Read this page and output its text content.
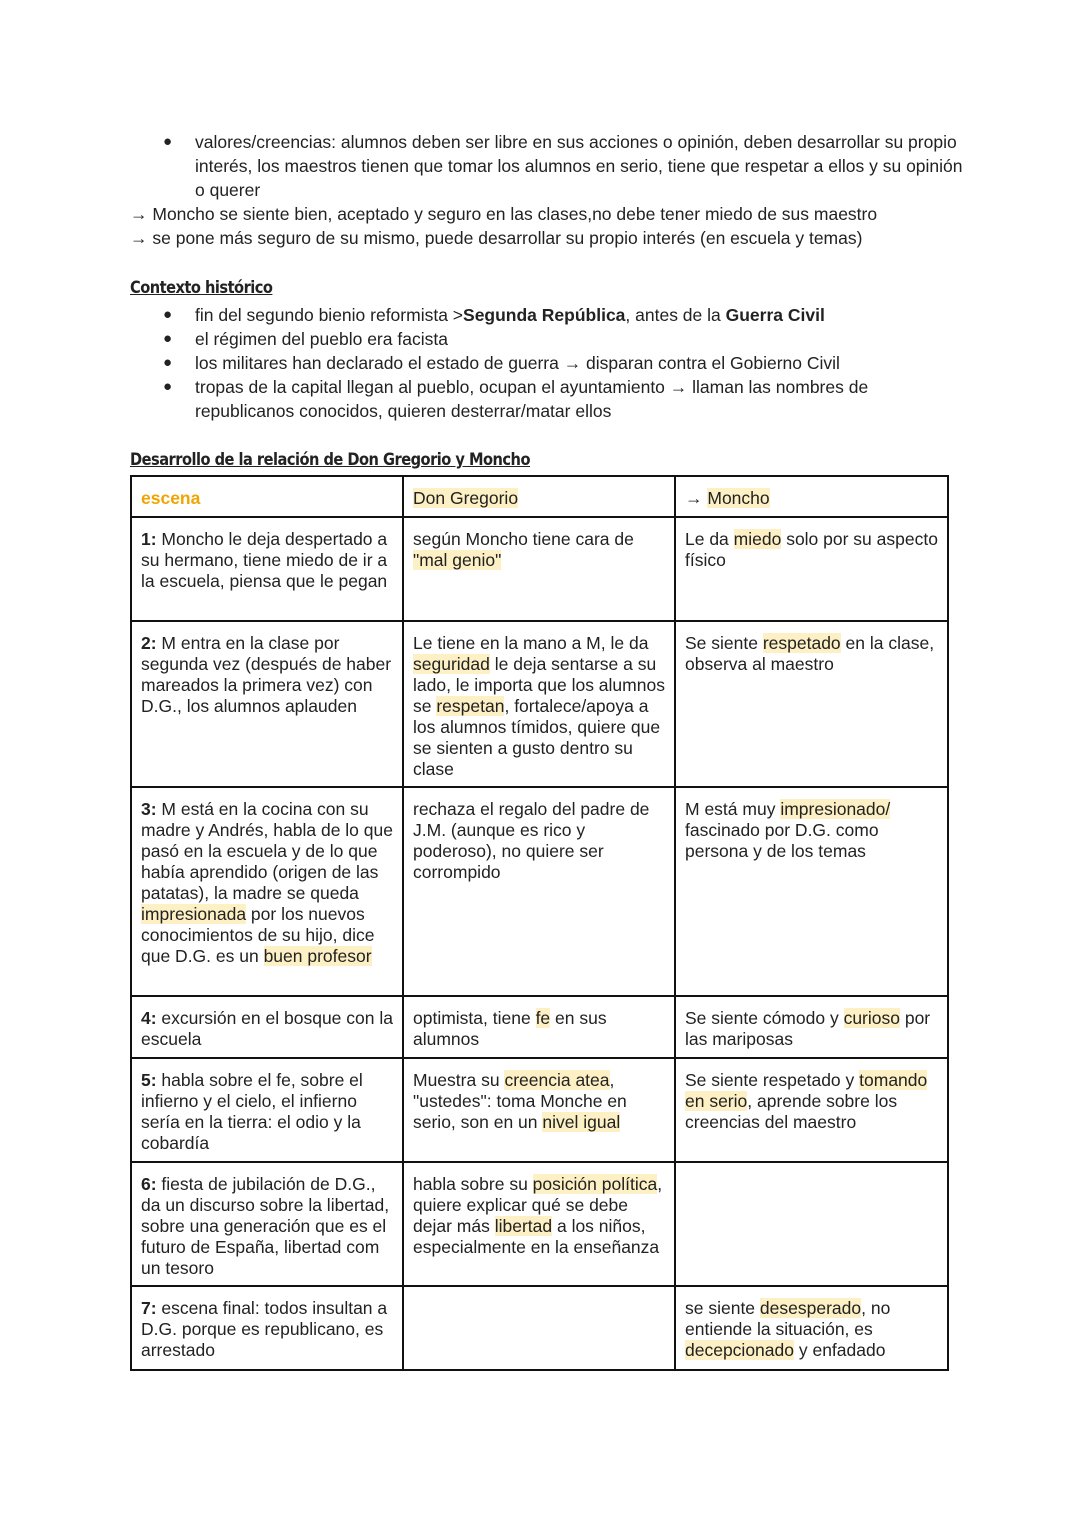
● valores/creencias: alumnos deben ser libre en sus acciones o opinión, deben desarrollar su propio interés, los maestros tienen que tomar los alumnos en serio, tiene que respetar a ellos y su opinión o querer
→ Moncho se siente bien, aceptado y seguro en las clases,no debe tener miedo de sus maestro
→ se pone más seguro de su mismo, puede desarrollar su propio interés (en escuela y temas)
Contexto histórico
● fin del segundo bienio reformista >Segunda República, antes de la Guerra Civil
● el régimen del pueblo era facista
● los militares han declarado el estado de guerra → disparan contra el Gobierno Civil
● tropas de la capital llegan al pueblo, ocupan el ayuntamiento → llaman las nombres de republicanos conocidos, quieren desterrar/matar ellos
Desarrollo de la relación de Don Gregorio y Moncho
escena	Don Gregorio	→ Moncho
1: Moncho le deja despertado a su hermano, tiene miedo de ir a la escuela, piensa que le pegan	según Moncho tiene cara de "mal genio"	Le da miedo solo por su aspecto físico
2: M entra en la clase por segunda vez (después de haber mareados la primera vez) con D.G., los alumnos aplauden	Le tiene en la mano a M, le da seguridad le deja sentarse a su lado, le importa que los alumnos se respetan, fortalece/apoya a los alumnos tímidos, quiere que se sienten a gusto dentro su clase	Se siente respetado en la clase, observa al maestro
3: M está en la cocina con su madre y Andrés, habla de lo que pasó en la escuela y de lo que había aprendido (origen de las patatas), la madre se queda impresionada por los nuevos conocimientos de su hijo, dice que D.G. es un buen profesor	rechaza el regalo del padre de J.M. (aunque es rico y poderoso), no quiere ser corrompido	M está muy impresionado/ fascinado por D.G. como persona y de los temas
4: excursión en el bosque con la escuela	optimista, tiene fe en sus alumnos	Se siente cómodo y curioso por las mariposas
5: habla sobre el fe, sobre el infierno y el cielo, el infierno sería en la tierra: el odio y la cobardía	Muestra su creencia atea, "ustedes": toma Monche en serio, son en un nivel igual	Se siente respetado y tomando en serio, aprende sobre los creencias del maestro
6: fiesta de jubilación de D.G., da un discurso sobre la libertad, sobre una generación que es el futuro de España, libertad com un tesoro	habla sobre su posición política, quiere explicar qué se debe dejar más libertad a los niños, especialmente en la enseñanza	
7: escena final: todos insultan a D.G. porque es republicano, es arrestado		se siente desesperado, no entiende la situación, es decepcionado y enfadado
